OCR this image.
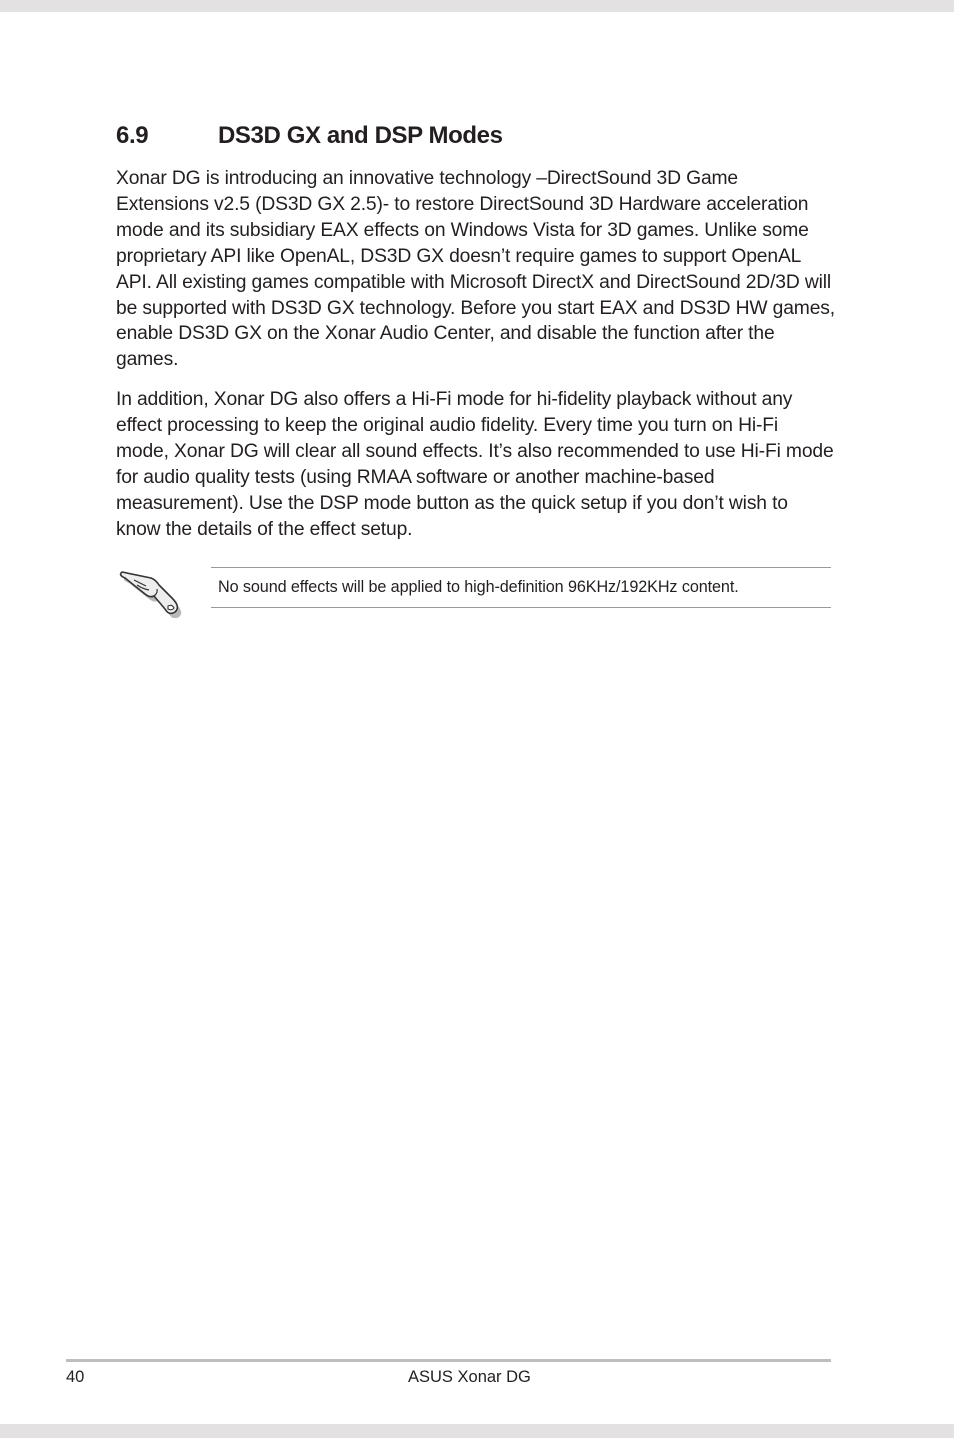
6.9	DS3D GX and DSP Modes

Xonar DG is introducing an innovative technology –DirectSound 3D Game Extensions v2.5 (DS3D GX 2.5)- to restore DirectSound 3D Hardware acceleration mode and its subsidiary EAX effects on Windows Vista for 3D games. Unlike some proprietary API like OpenAL, DS3D GX doesn’t require games to support OpenAL API. All existing games compatible with Microsoft DirectX and DirectSound 2D/3D will be supported with DS3D GX technology. Before you start EAX and DS3D HW games, enable DS3D GX on the Xonar Audio Center, and disable the function after the games.

In addition, Xonar DG also offers a Hi-Fi mode for hi-fidelity playback without any effect processing to keep the original audio fidelity. Every time you turn on Hi-Fi mode, Xonar DG will clear all sound effects. It’s also recommended to use Hi-Fi mode for audio quality tests (using RMAA software or another machine-based measurement). Use the DSP mode button as the quick setup if you don’t wish to know the details of the effect setup.

No sound effects will be applied to high-definition 96KHz/192KHz content.
40	ASUS Xonar DG
